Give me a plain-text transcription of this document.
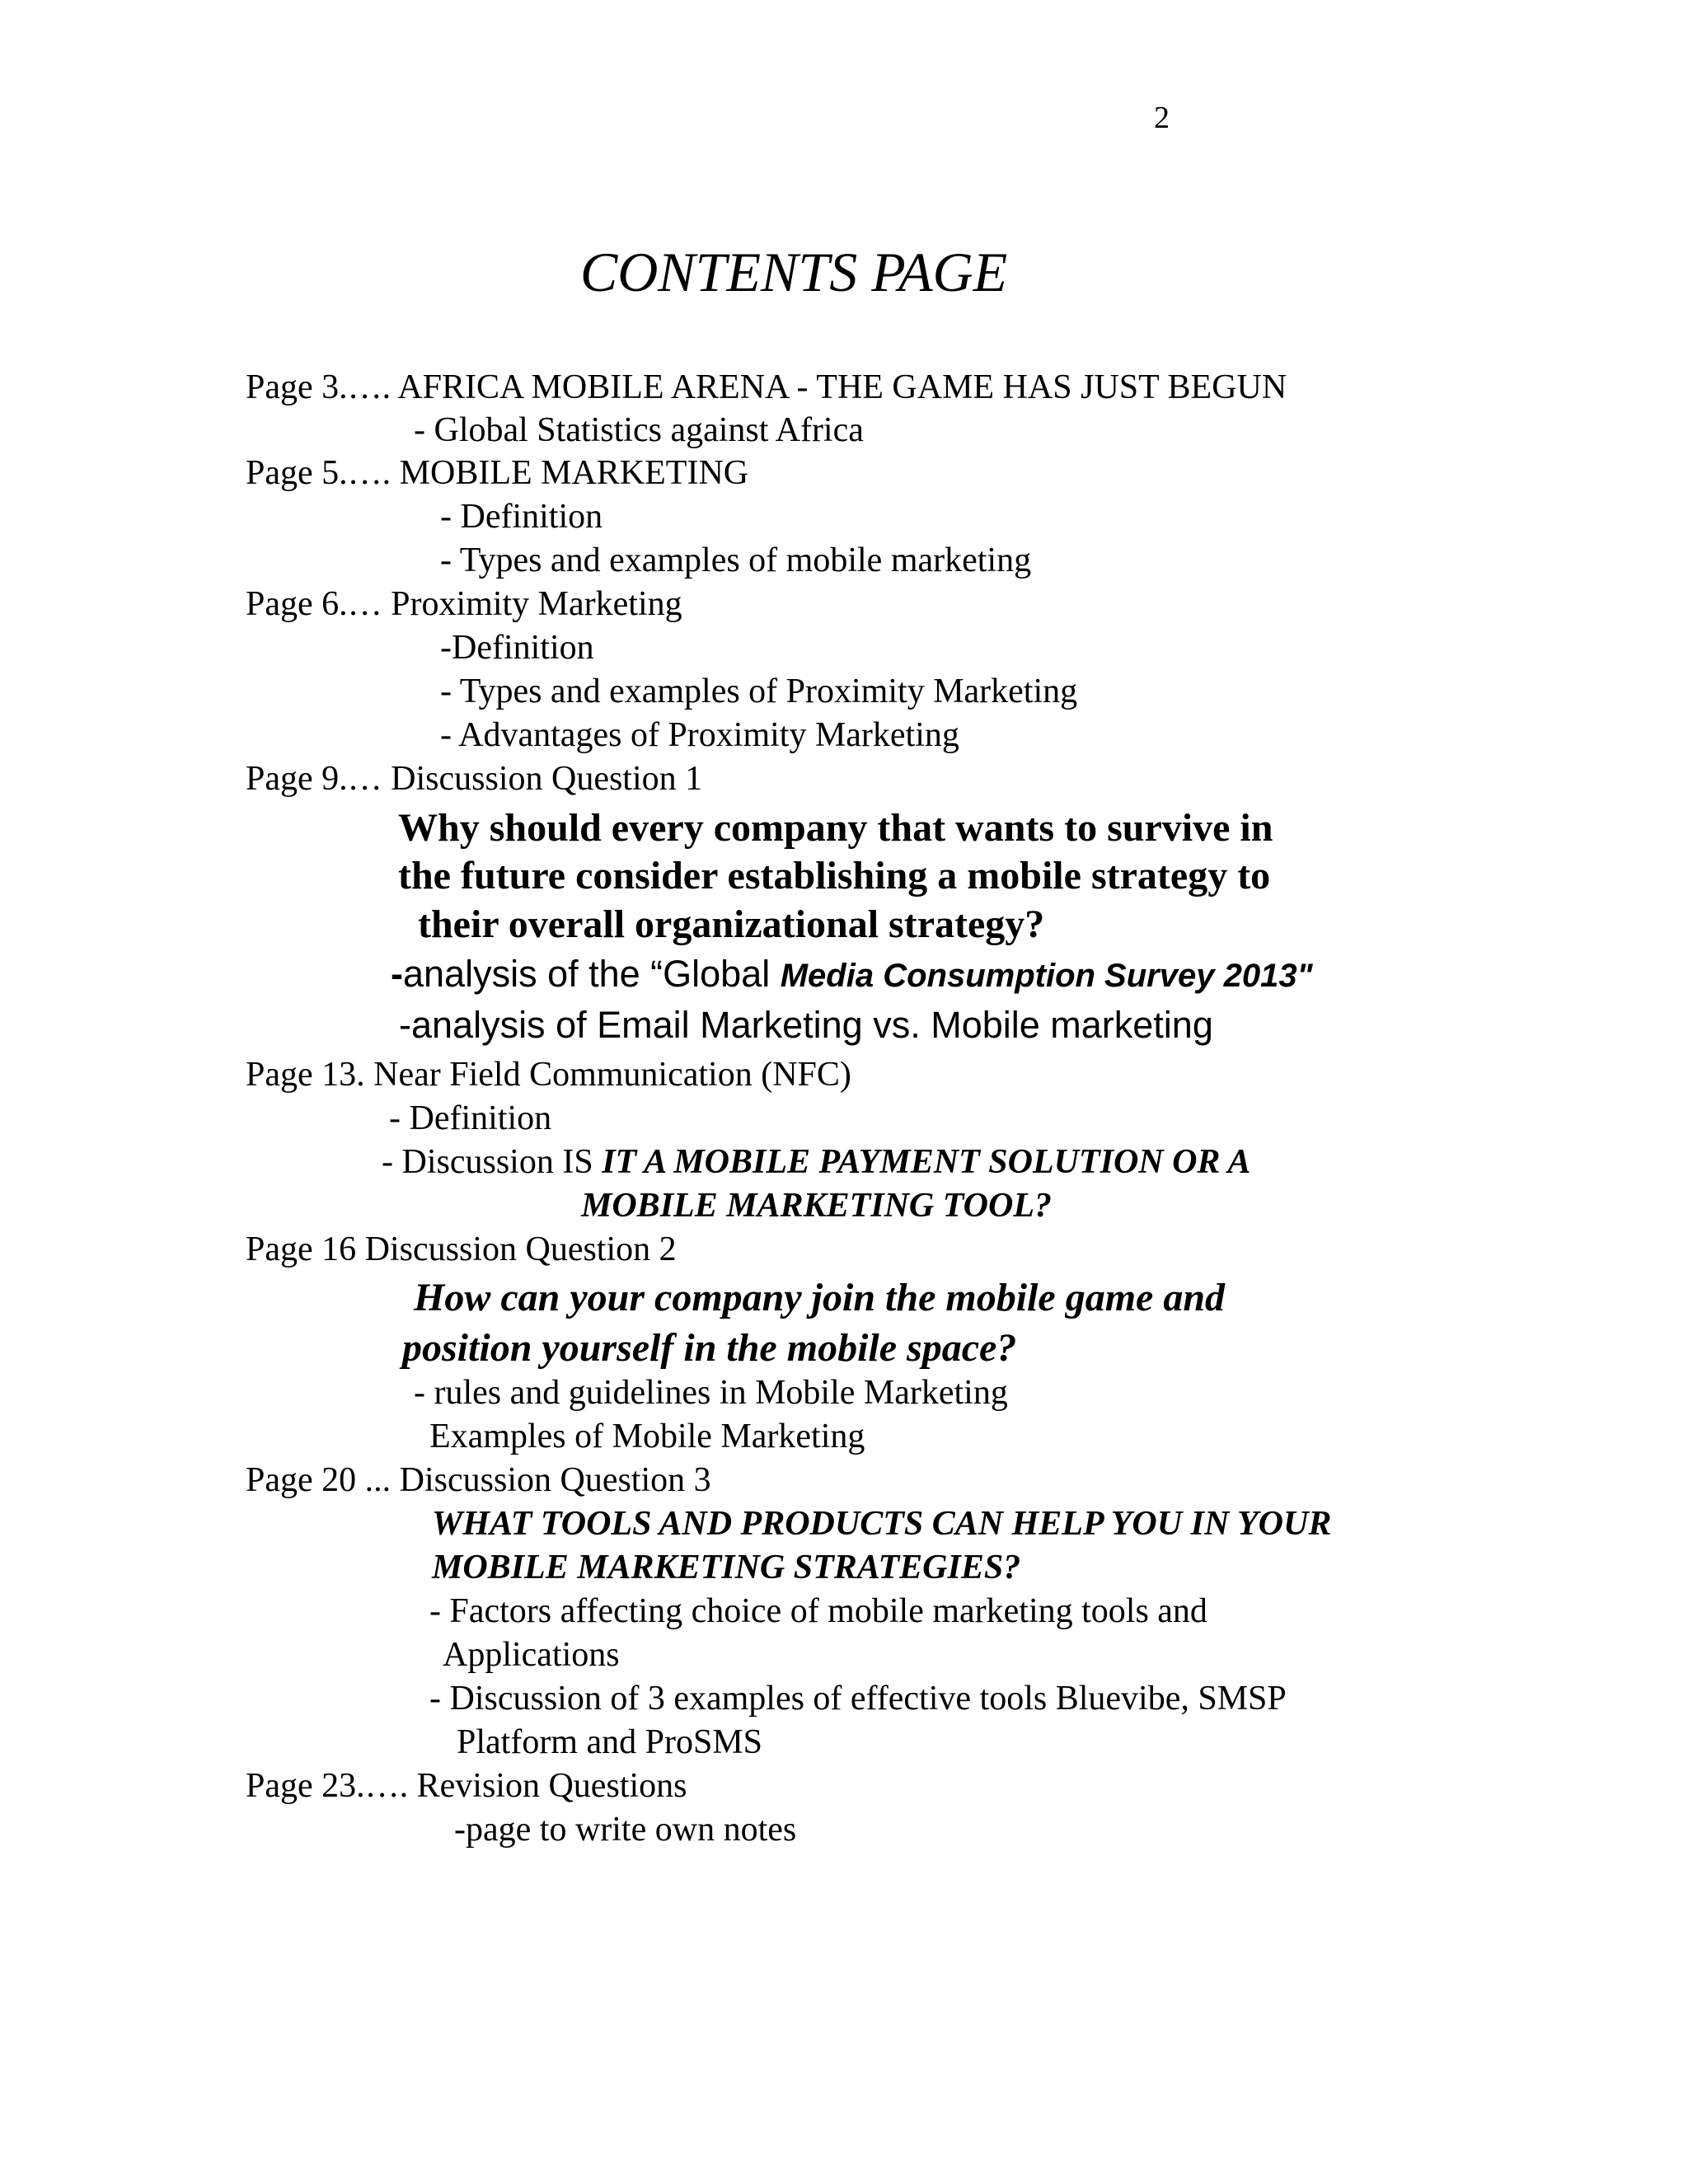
2
CONTENTS PAGE
Page 3.…. AFRICA MOBILE ARENA - THE GAME HAS JUST BEGUN
- Global Statistics against Africa
Page 5.…. MOBILE MARKETING
- Definition
- Types and examples of mobile marketing
Page 6.… Proximity Marketing
-Definition
- Types and examples of Proximity Marketing
- Advantages of Proximity Marketing
Page 9.… Discussion Question 1
Why should every company that wants to survive in
the future consider establishing a mobile strategy to
their overall organizational strategy?
-analysis of the “Global Media Consumption Survey 2013"
-analysis of Email Marketing vs. Mobile marketing
Page 13. Near Field Communication (NFC)
- Definition
- Discussion IS IT A MOBILE PAYMENT SOLUTION OR A
MOBILE MARKETING TOOL?
Page 16 Discussion Question 2
How can your company join the mobile game and
position yourself in the mobile space?
- rules and guidelines in Mobile Marketing
Examples of Mobile Marketing
Page 20 ... Discussion Question 3
WHAT TOOLS AND PRODUCTS CAN HELP YOU IN YOUR
MOBILE MARKETING STRATEGIES?
- Factors affecting choice of mobile marketing tools and
Applications
- Discussion of 3 examples of effective tools Bluevibe, SMSP
Platform and ProSMS
Page 23.…. Revision Questions
-page to write own notes
